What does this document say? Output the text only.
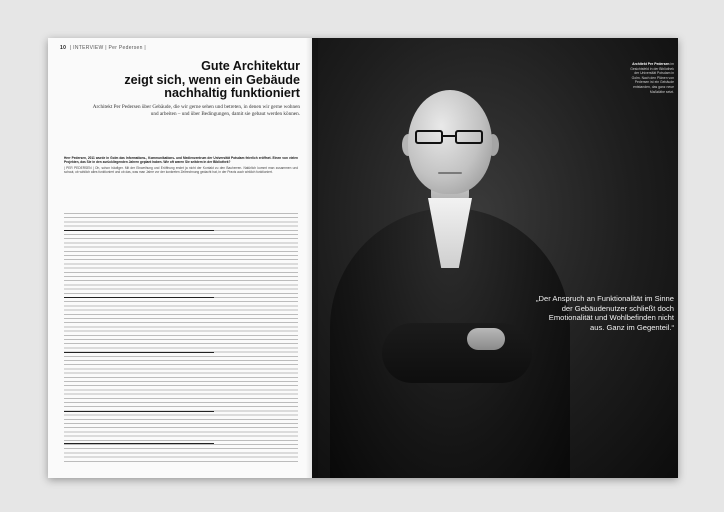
10 | INTERVIEW | Per Pedersen |
Gute Architektur
zeigt sich, wenn ein Gebäude
nachhaltig funktioniert
Architekt Per Pedersen über Gebäude, die wir gerne sehen und betreten, in denen wir gerne wohnen und arbeiten – und über Bedingungen, damit sie gebaut werden können.

Herr Pedersen, 2011 wurde in Golm das Informations-, Kommunikations- und Medienzentrum der Universität Potsdam feierlich eröffnet. Einen von vielen Projekten, das Sie in den zurückliegenden Jahren geplant haben. Wie oft waren Sie seitdem in der Bibliothek?

| PER PEDERSEN | Oh, schon häufiger. Mit der Einweihung und Eröffnung endet ja nicht der Kontakt zu den Bauherren. Natürlich kommt man zusammen und schaut, ob wirklich alles funktioniert und ob das, was man Jahre vor der konkreten Zeitrechnung gedacht hat, in der Praxis auch wirklich funktioniert.

Architekt Per Pedersen im Gesichtsfeld in der Bibliothek der Universität Potsdam in Golm. Nach den Plänen von Pedersen ist ein Gebäude entstanden, das ganz neue Maßstäbe setzt.
„Der Anspruch an Funktionalität im Sinne der Gebäudenutzer schließt doch Emotionalität und Wohlbefinden nicht aus. Ganz im Gegenteil.“
